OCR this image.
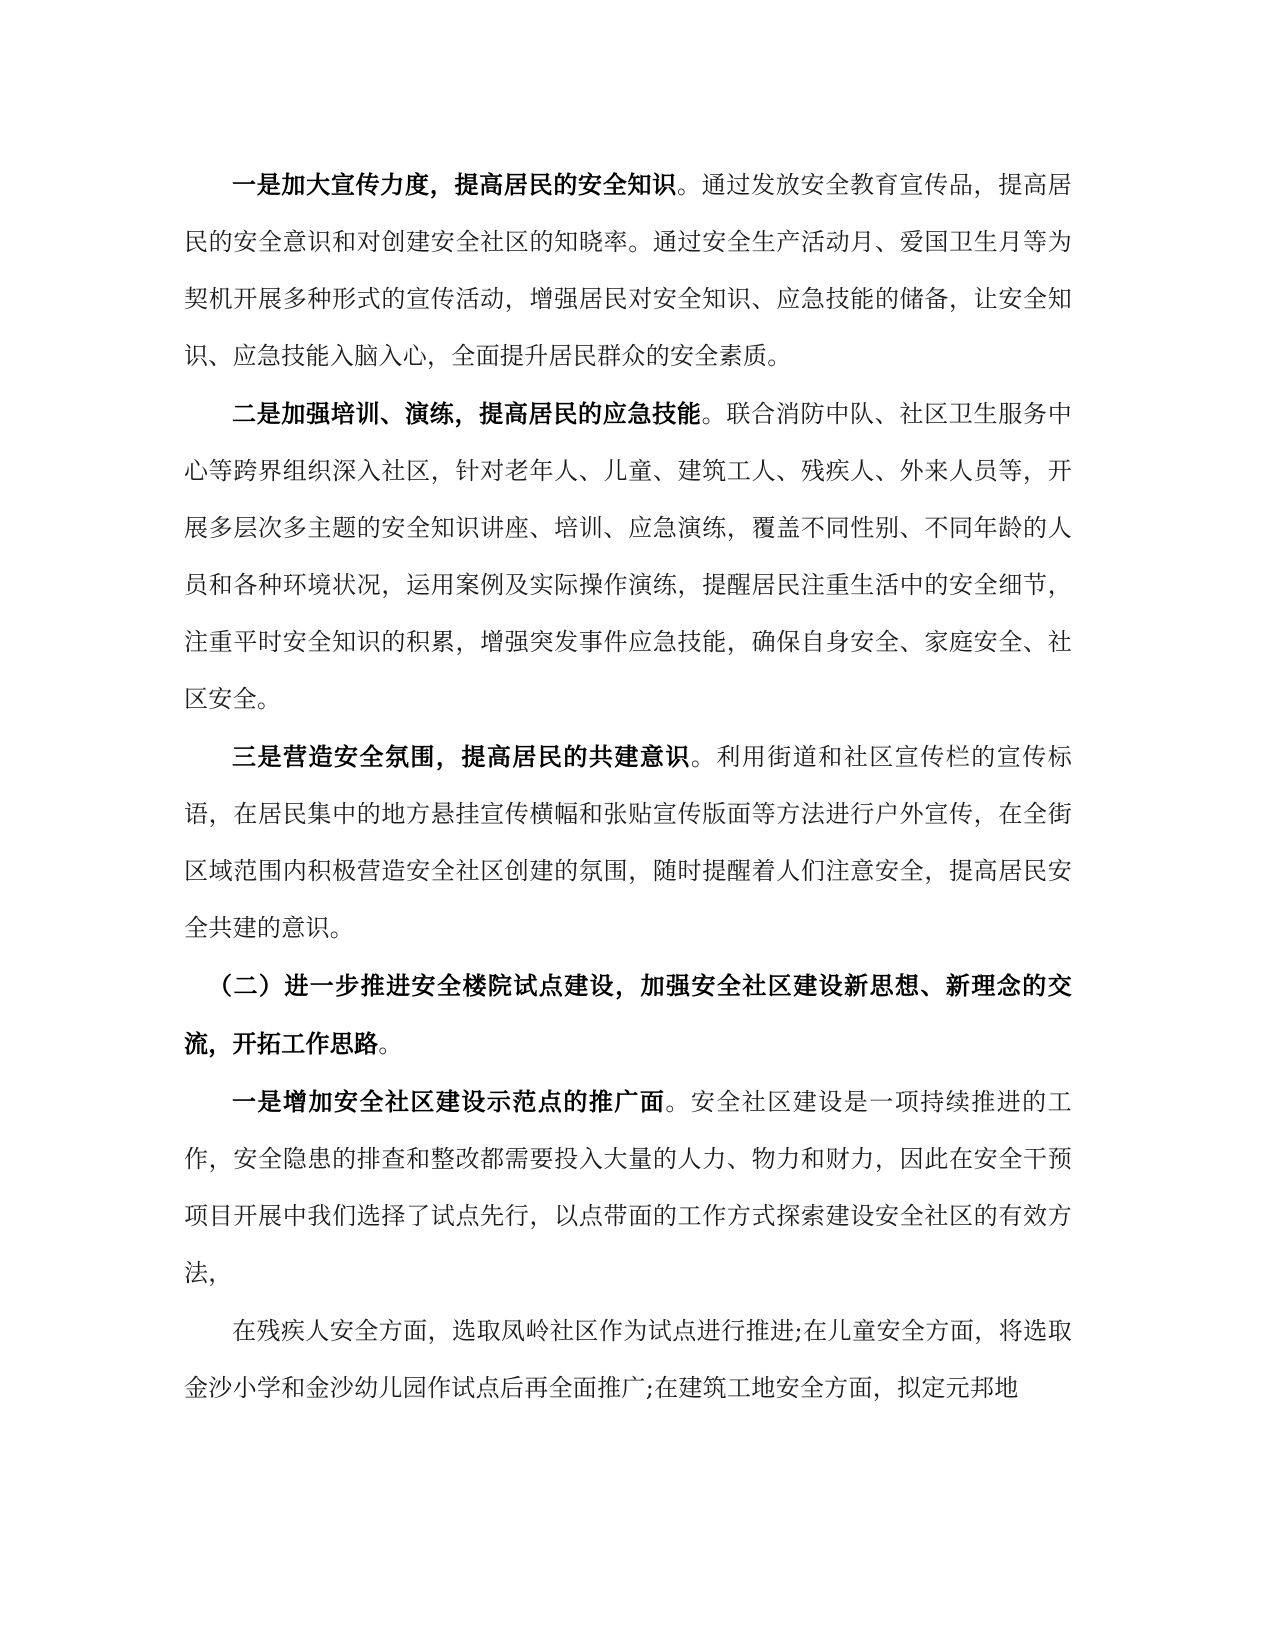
一是加大宣传力度，提高居民的安全知识。通过发放安全教育宣传品，提高居民的安全意识和对创建安全社区的知晓率。通过安全生产活动月、爱国卫生月等为契机开展多种形式的宣传活动，增强居民对安全知识、应急技能的储备，让安全知识、应急技能入脑入心，全面提升居民群众的安全素质。

二是加强培训、演练，提高居民的应急技能。联合消防中队、社区卫生服务中心等跨界组织深入社区，针对老年人、儿童、建筑工人、残疾人、外来人员等，开展多层次多主题的安全知识讲座、培训、应急演练，覆盖不同性别、不同年龄的人员和各种环境状况，运用案例及实际操作演练，提醒居民注重生活中的安全细节，注重平时安全知识的积累，增强突发事件应急技能，确保自身安全、家庭安全、社区安全。

三是营造安全氛围，提高居民的共建意识。利用街道和社区宣传栏的宣传标语，在居民集中的地方悬挂宣传横幅和张贴宣传版面等方法进行户外宣传，在全街区域范围内积极营造安全社区创建的氛围，随时提醒着人们注意安全，提高居民安全共建的意识。

（二）进一步推进安全楼院试点建设，加强安全社区建设新思想、新理念的交流，开拓工作思路。

一是增加安全社区建设示范点的推广面。安全社区建设是一项持续推进的工作，安全隐患的排查和整改都需要投入大量的人力、物力和财力，因此在安全干预项目开展中我们选择了试点先行，以点带面的工作方式探索建设安全社区的有效方法，

在残疾人安全方面，选取凤岭社区作为试点进行推进;在儿童安全方面，将选取金沙小学和金沙幼儿园作试点后再全面推广;在建筑工地安全方面，拟定元邦地
